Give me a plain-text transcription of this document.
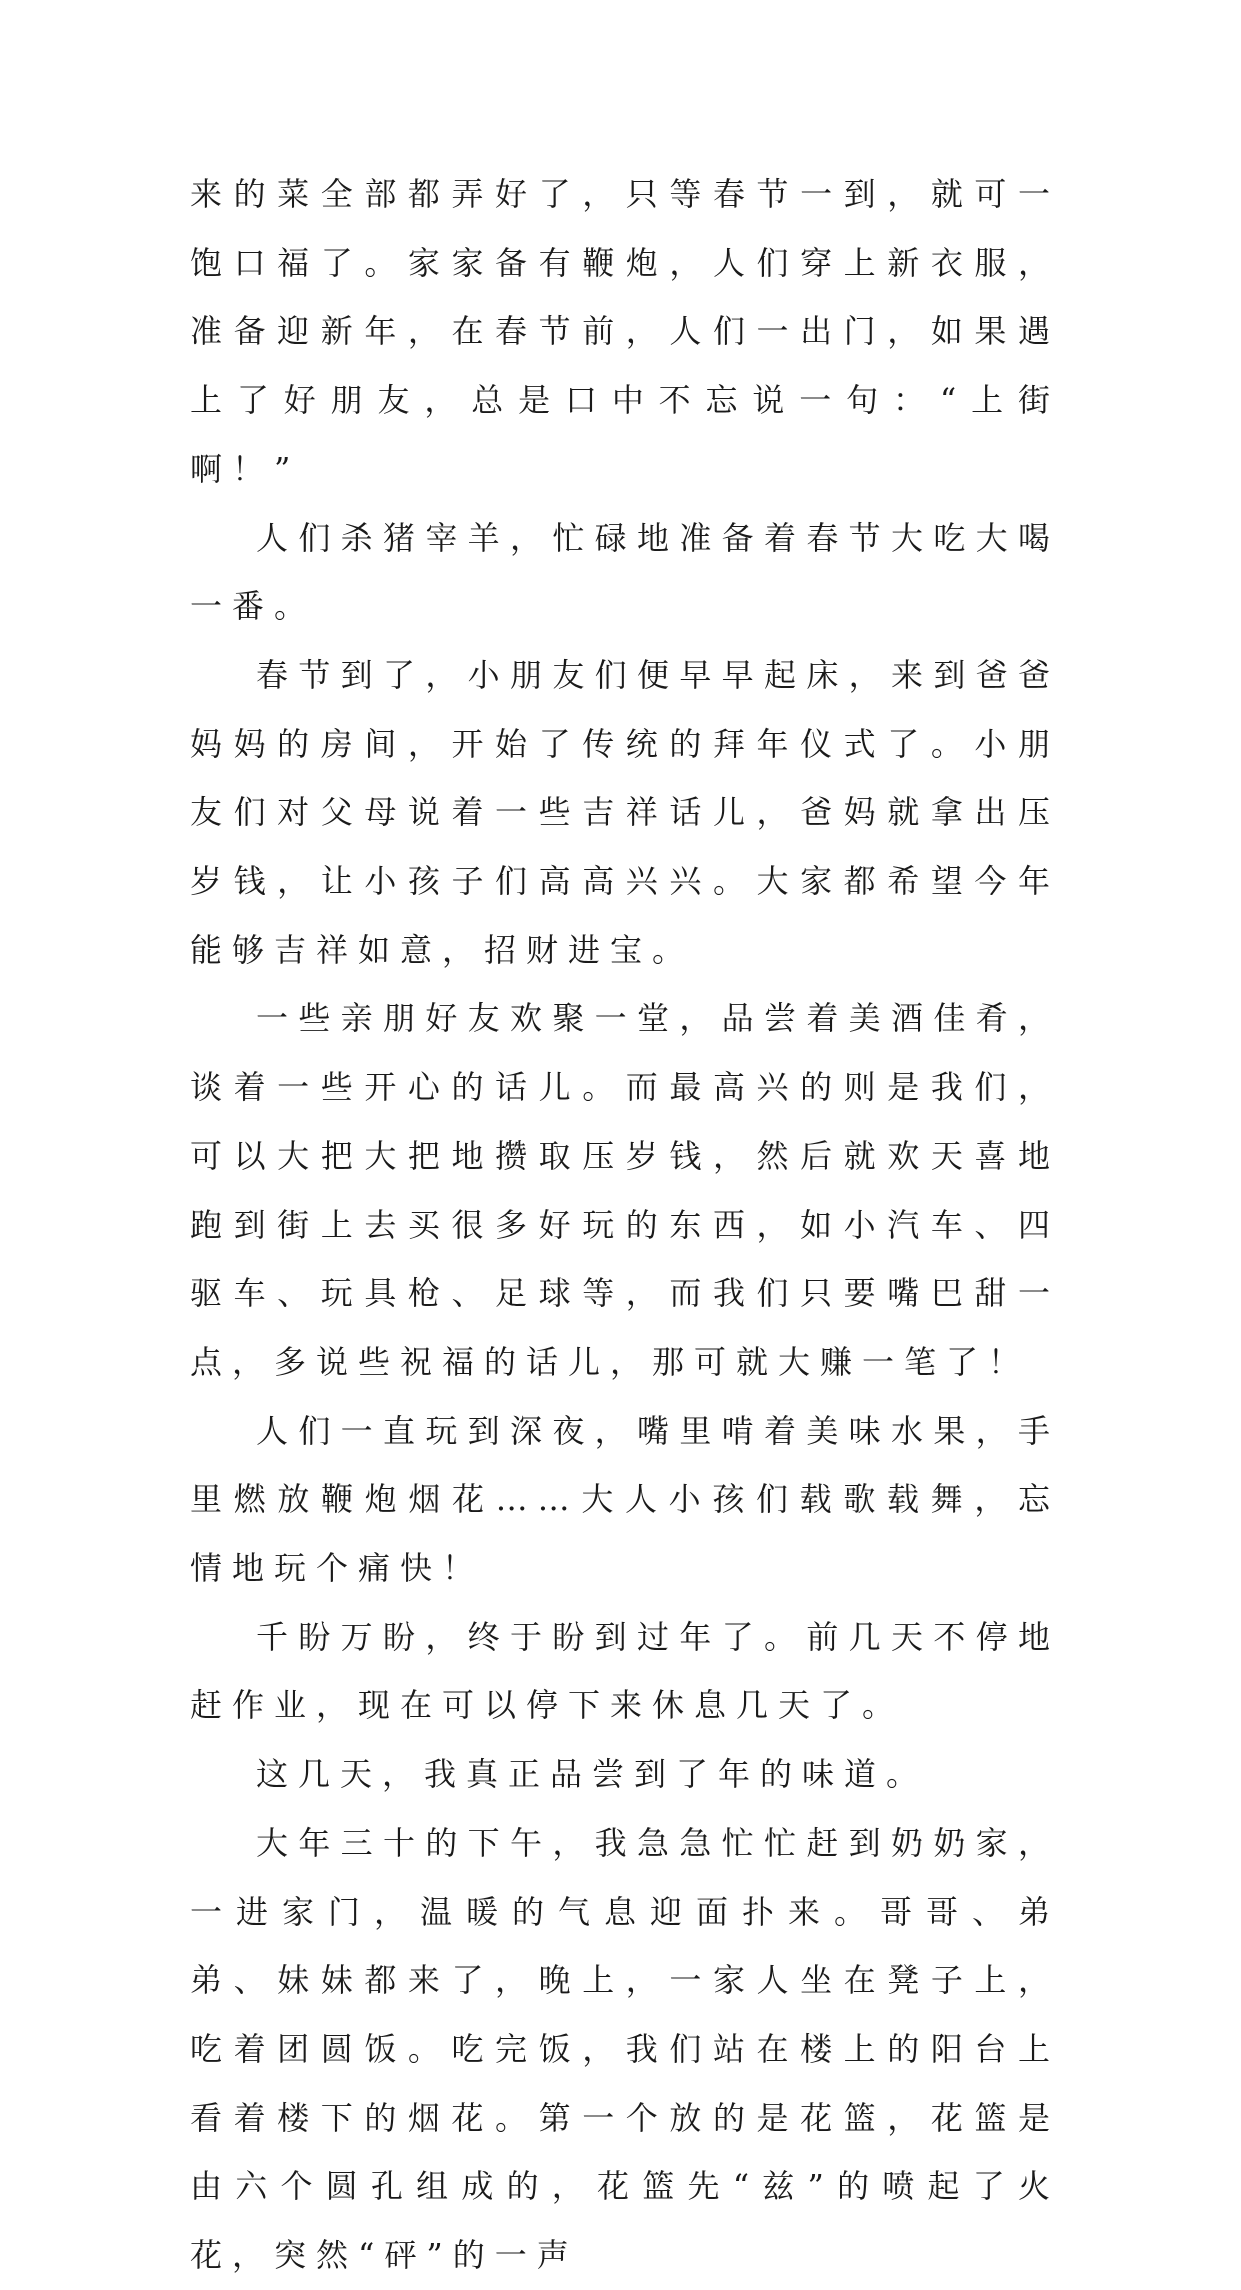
来的菜全部都弄好了，只等春节一到，就可一饱口福了。家家备有鞭炮，人们穿上新衣服，准备迎新年，在春节前，人们一出门，如果遇上了好朋友，总是口中不忘说一句：“上街啊！”

人们杀猪宰羊，忙碌地准备着春节大吃大喝一番。

春节到了，小朋友们便早早起床，来到爸爸妈妈的房间，开始了传统的拜年仪式了。小朋友们对父母说着一些吉祥话儿，爸妈就拿出压岁钱，让小孩子们高高兴兴。大家都希望今年能够吉祥如意，招财进宝。

一些亲朋好友欢聚一堂，品尝着美酒佳肴，谈着一些开心的话儿。而最高兴的则是我们，可以大把大把地攒取压岁钱，然后就欢天喜地跑到街上去买很多好玩的东西，如小汽车、四驱车、玩具枪、足球等，而我们只要嘴巴甜一点，多说些祝福的话儿，那可就大赚一笔了！

人们一直玩到深夜，嘴里啃着美味水果，手里燃放鞭炮烟花……大人小孩们载歌载舞，忘情地玩个痛快！

千盼万盼，终于盼到过年了。前几天不停地赶作业，现在可以停下来休息几天了。

这几天，我真正品尝到了年的味道。

大年三十的下午，我急急忙忙赶到奶奶家，一进家门，温暖的气息迎面扑来。哥哥、弟弟、妹妹都来了，晚上，一家人坐在凳子上，吃着团圆饭。吃完饭，我们站在楼上的阳台上看着楼下的烟花。第一个放的是花篮，花篮是由六个圆孔组成的，花篮先“兹”的喷起了火花，突然“砰”的一声
